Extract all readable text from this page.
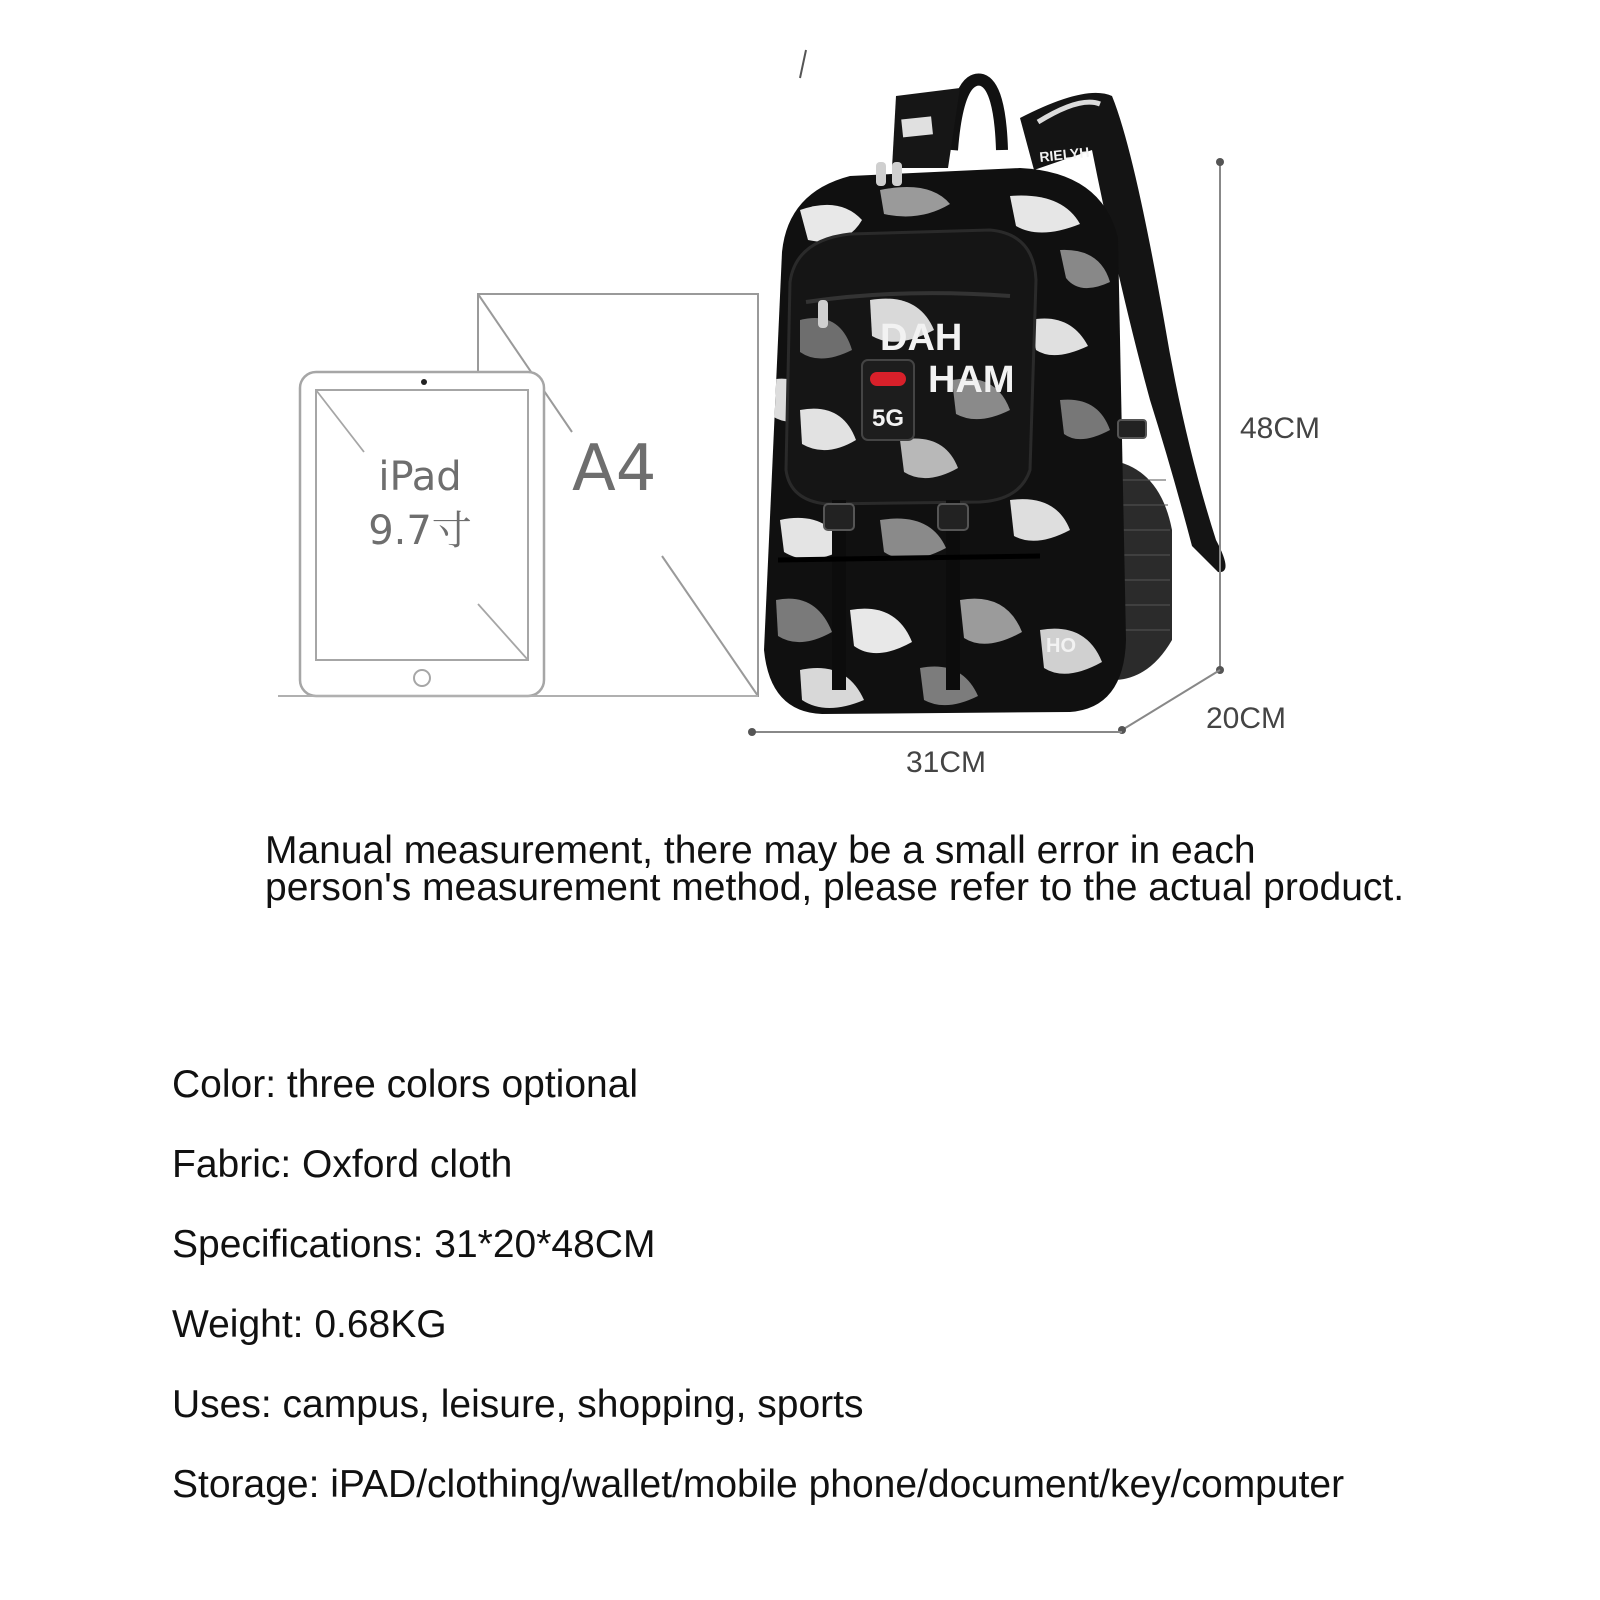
A4
iPad
9.7寸
DAH
HAM
RIELYH
HO
5G	48CM
20CM
31CM
Manual measurement, there may be a small error in each
person's measurement method, please refer to the actual product.
Color: three colors optional
Fabric: Oxford cloth
Specifications: 31*20*48CM
Weight: 0.68KG
Uses: campus, leisure, shopping, sports
Storage: iPAD/clothing/wallet/mobile phone/document/key/computer
